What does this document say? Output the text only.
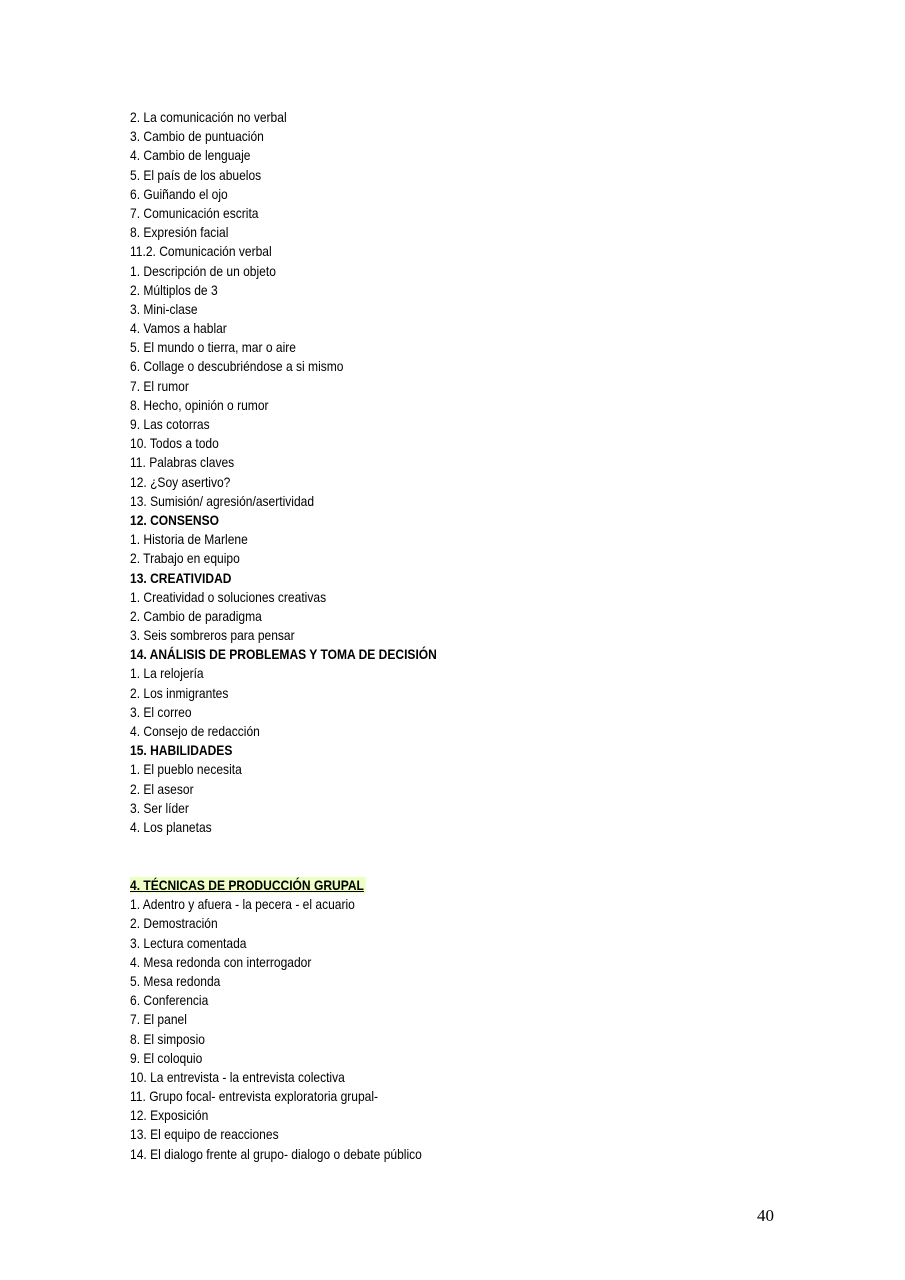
2. La comunicación no verbal
3. Cambio de puntuación
4. Cambio de lenguaje
5. El país de los abuelos
6. Guiñando el ojo
7. Comunicación escrita
8. Expresión facial
11.2. Comunicación verbal
1. Descripción de un objeto
2. Múltiplos de 3
3. Mini-clase
4. Vamos a hablar
5. El mundo o tierra, mar o aire
6. Collage o descubriéndose a si mismo
7. El rumor
8. Hecho, opinión o rumor
9. Las cotorras
10. Todos a todo
11. Palabras claves
12. ¿Soy asertivo?
13. Sumisión/ agresión/asertividad
12. CONSENSO
1. Historia de Marlene
2. Trabajo en equipo
13. CREATIVIDAD
1. Creatividad o soluciones creativas
2. Cambio de paradigma
3. Seis sombreros para pensar
14. ANÁLISIS DE PROBLEMAS Y TOMA DE DECISIÓN
1. La relojería
2. Los inmigrantes
3. El correo
4. Consejo de redacción
15. HABILIDADES
1. El pueblo necesita
2. El asesor
3. Ser líder
4. Los planetas
4. TÉCNICAS DE PRODUCCIÓN GRUPAL
1. Adentro y afuera - la pecera - el acuario
2. Demostración
3. Lectura comentada
4. Mesa redonda con interrogador
5. Mesa redonda
6. Conferencia
7. El panel
8. El simposio
9. El coloquio
10. La entrevista - la entrevista colectiva
11. Grupo focal- entrevista exploratoria grupal-
12. Exposición
13. El equipo de reacciones
14. El dialogo frente al grupo- dialogo o debate público
40
